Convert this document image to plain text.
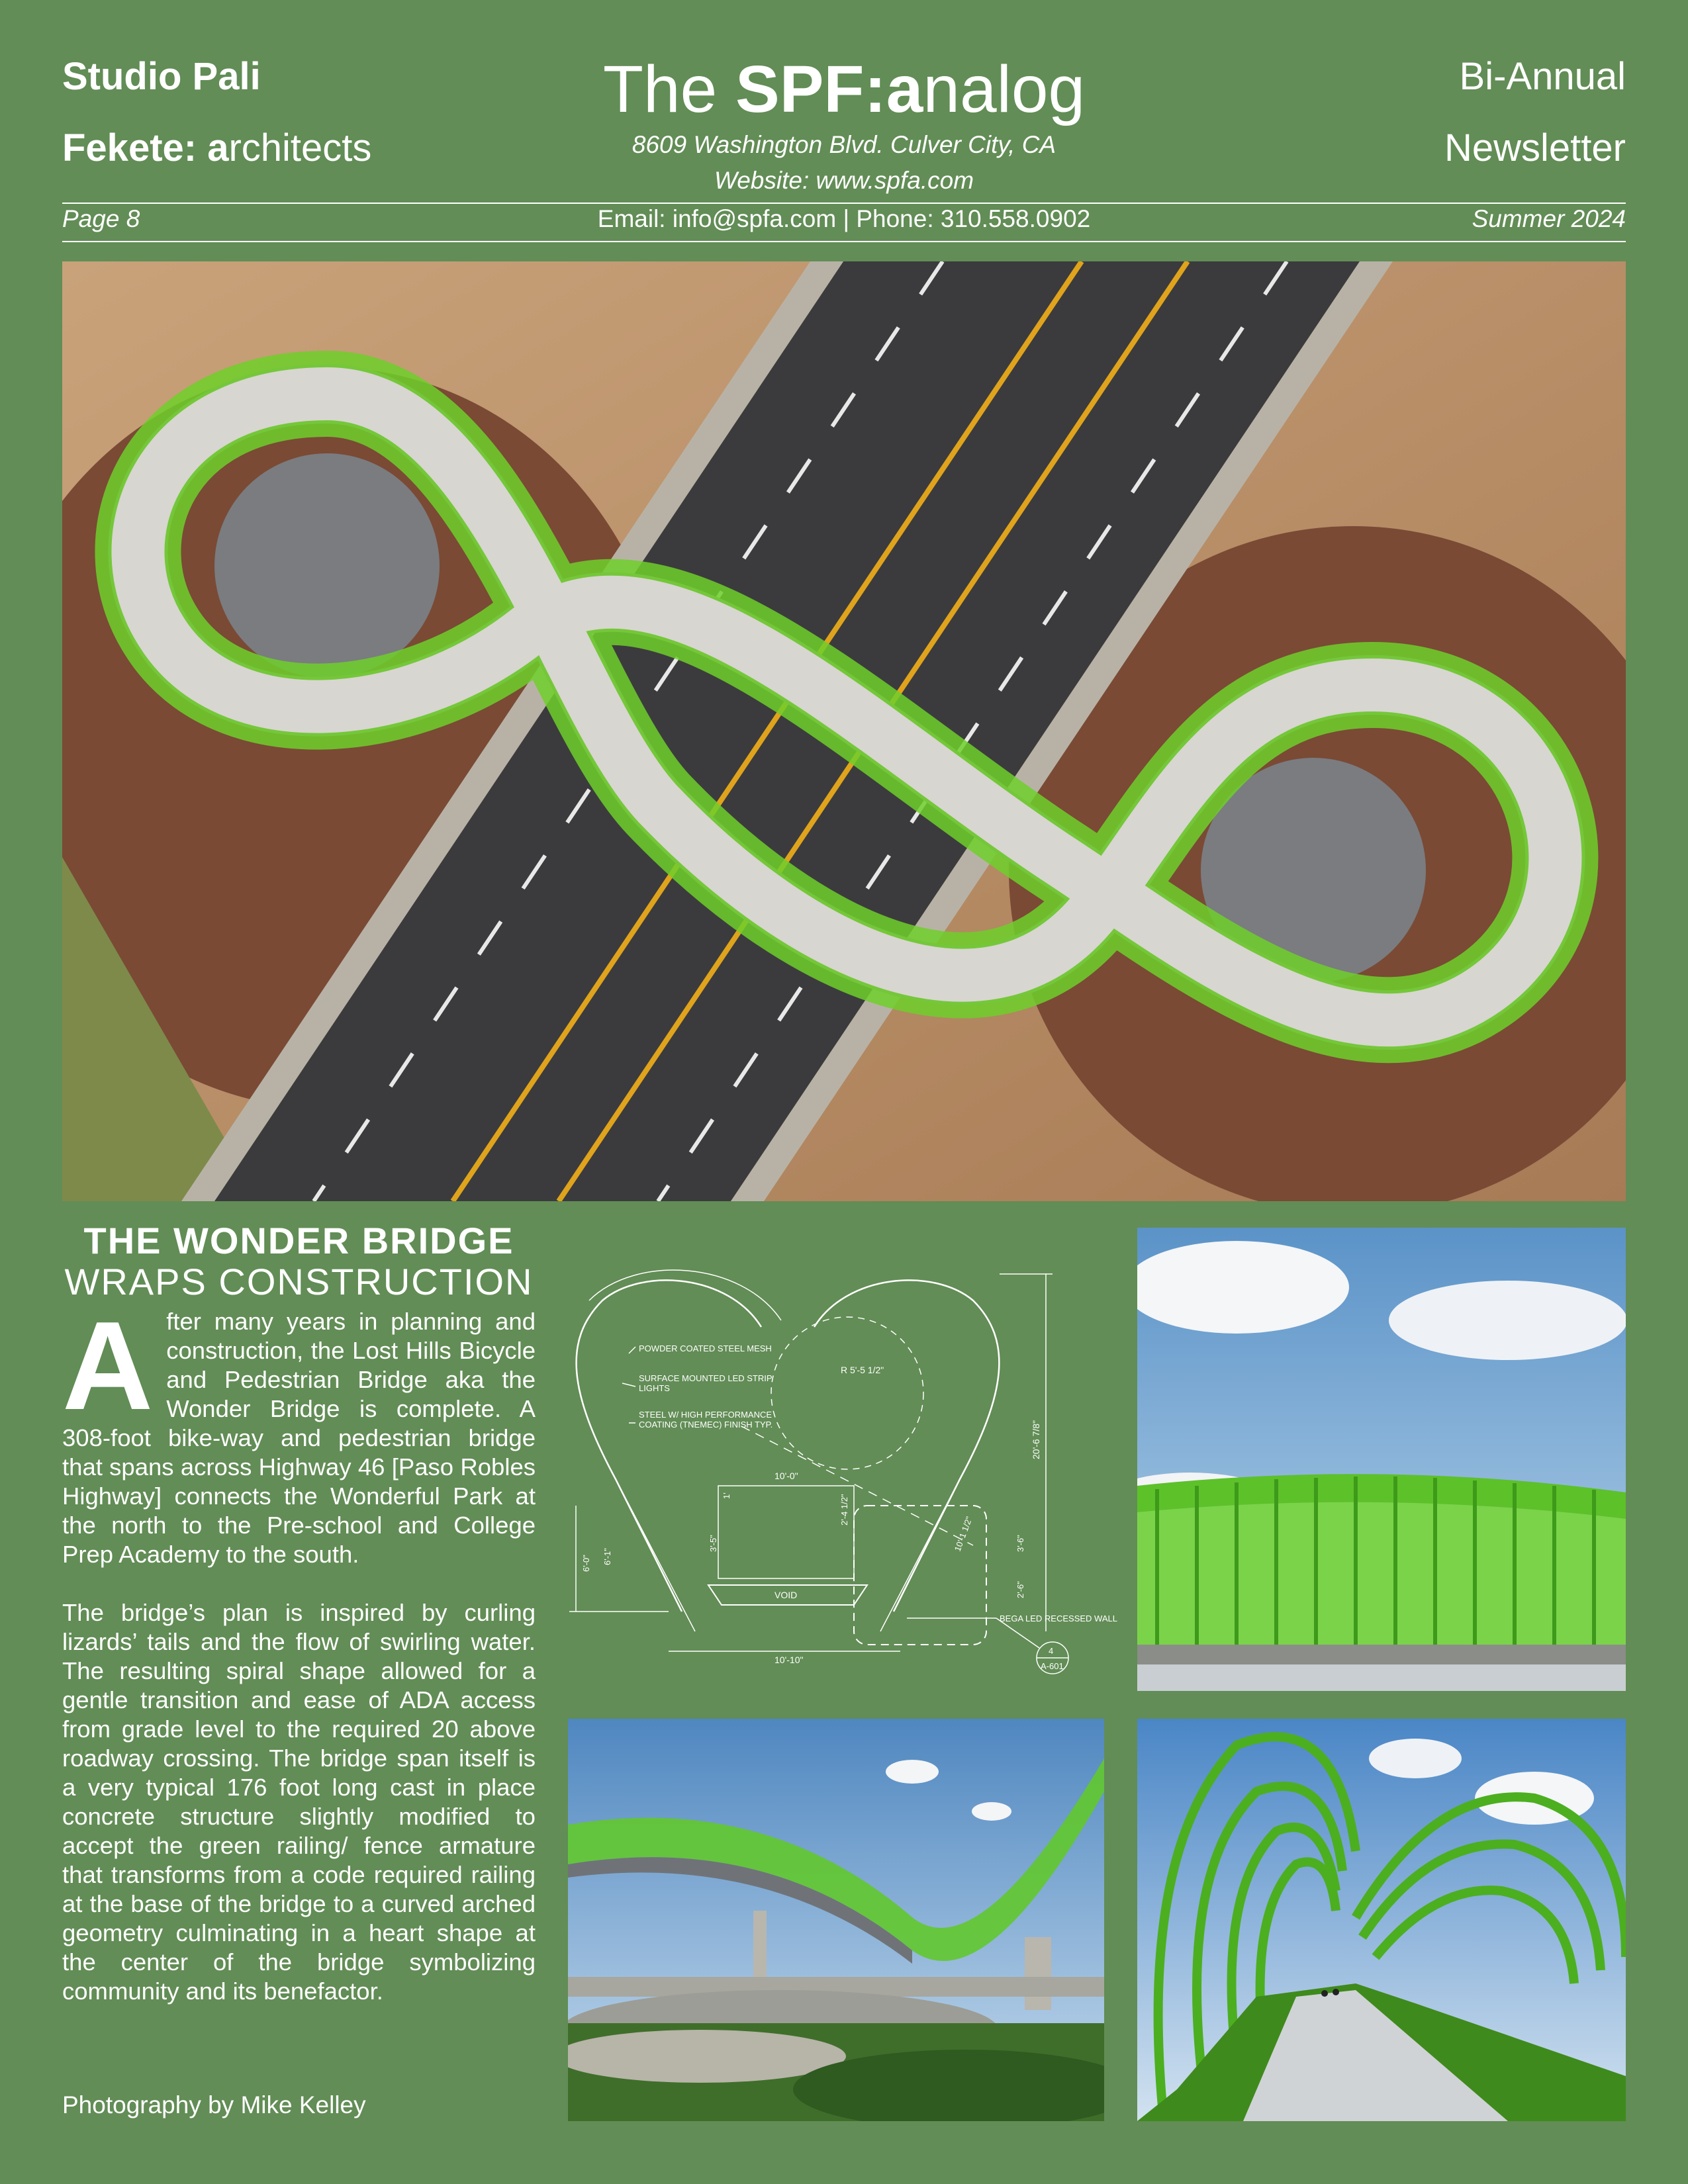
Studio Pali
Fekete: architects
The SPF:analog
8609 Washington Blvd. Culver City, CA
Website: www.spfa.com
Bi-Annual
Newsletter
Page 8	Email: info@spfa.com | Phone: 310.558.0902	Summer 2024
THE WONDER BRIDGE
WRAPS CONSTRUCTION

After many years in planning and construction, the Lost Hills Bicycle and Pedestrian Bridge aka the Wonder Bridge is complete. A 308-foot bike-way and pedestrian bridge that spans across Highway 46 [Paso Robles Highway] connects the Wonderful Park at the north to the Pre-school and College Prep Academy to the south.

The bridge’s plan is inspired by curling lizards’ tails and the flow of swirling water. The resulting spiral shape allowed for a gentle transition and ease of ADA access from grade level to the required 20 above roadway crossing. The bridge span itself is a very typical 176 foot long cast in place concrete structure slightly modified to accept the green railing/ fence armature that transforms from a code required railing at the base of the bridge to a curved arched geometry culminating in a heart shape at the center of the bridge symbolizing community and its benefactor.

Photography by Mike Kelley
POWDER COATED STEEL MESH
SURFACE MOUNTED LED STRIP
LIGHTS
STEEL W/ HIGH PERFORMANCE
COATING (TNEMEC) FINISH TYP.
R 5'-5 1/2"
20'-6 7/8"
10'-0"
10'-10"
VOID
6'-0" 6'-1"
3'-5"
2'-4 1/2"
1'
3'-6"
2'-6"
10'-1 1/2"
BEGA LED RECESSED WALL
4
A-601
